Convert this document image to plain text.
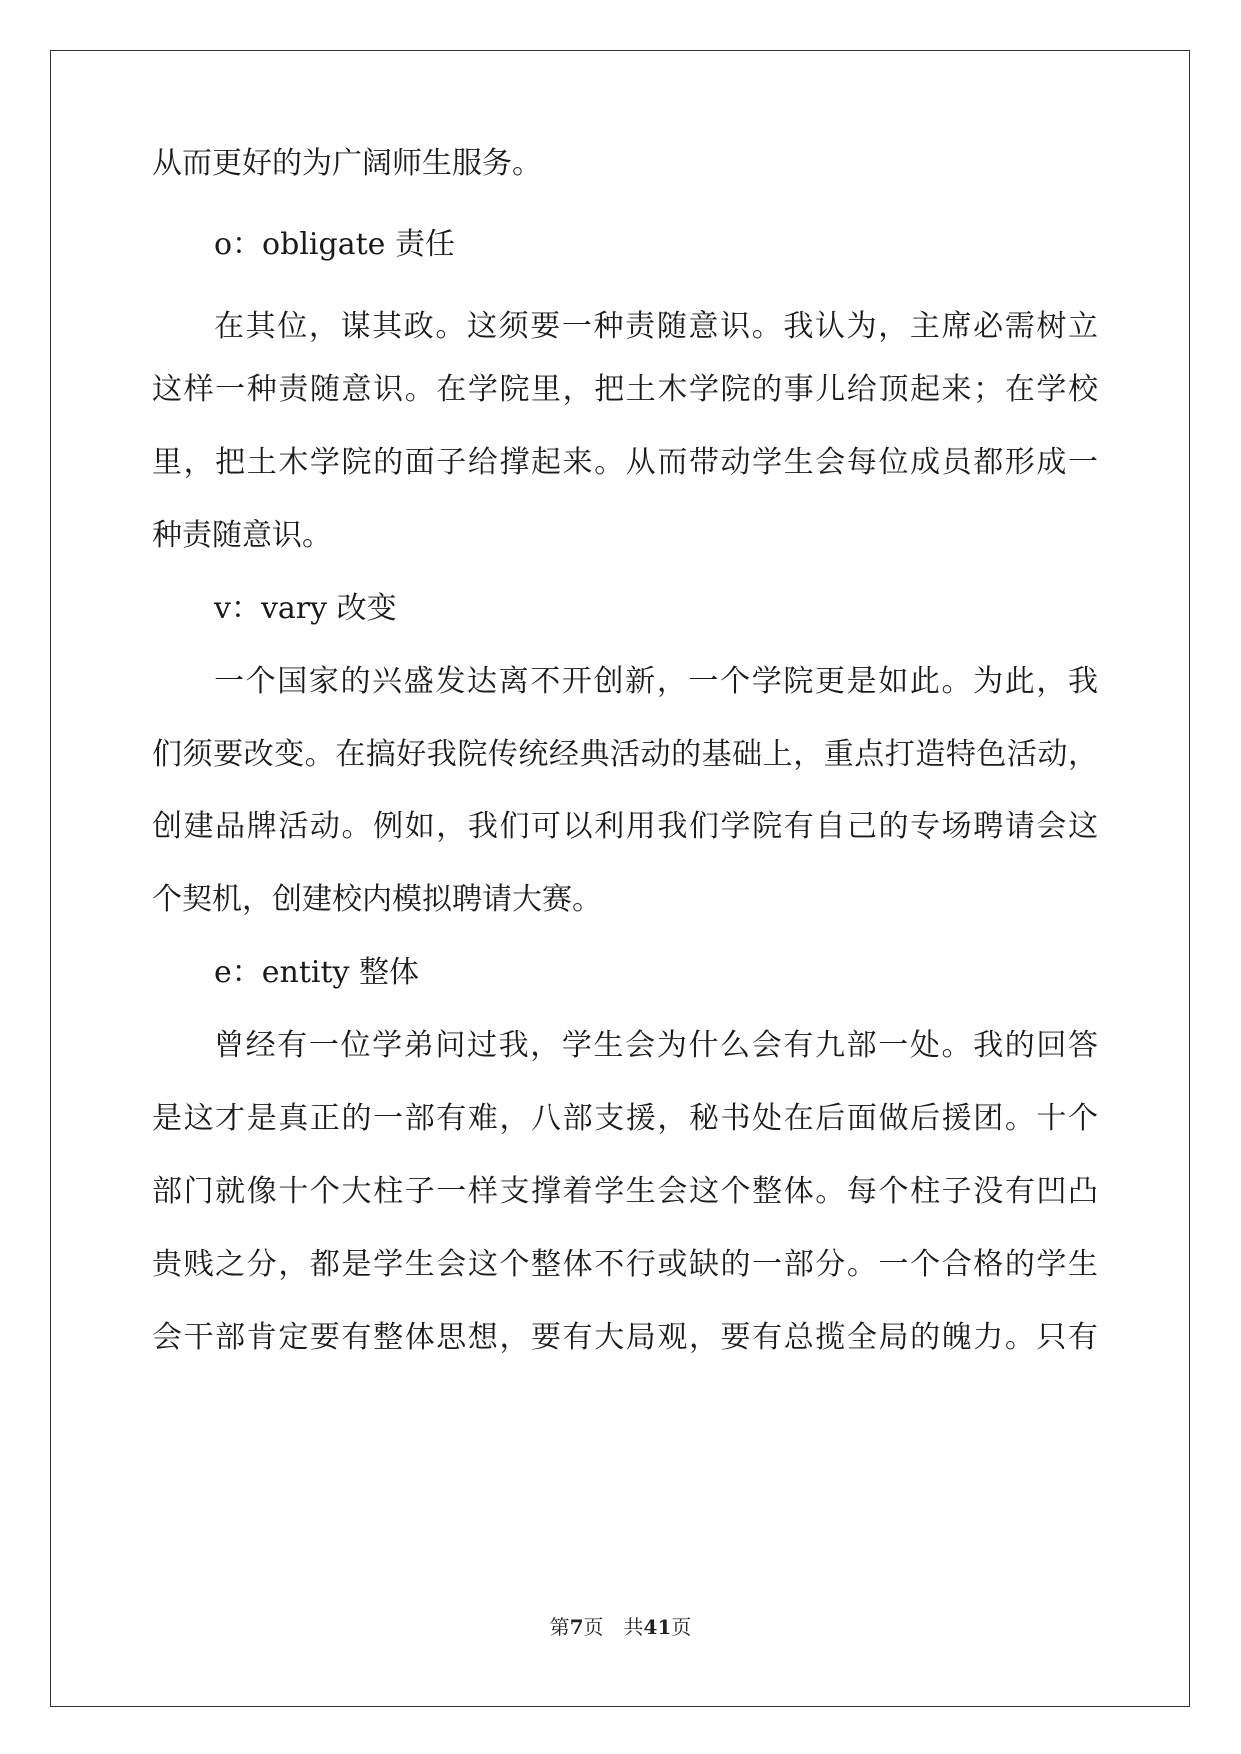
从而更好的为广阔师生服务。
o：obligate 责任
在其位，谋其政。这须要一种责随意识。我认为，主席必需树立
这样一种责随意识。在学院里，把土木学院的事儿给顶起来；在学校
里，把土木学院的面子给撑起来。从而带动学生会每位成员都形成一
种责随意识。
v：vary 改变
一个国家的兴盛发达离不开创新，一个学院更是如此。为此，我
们须要改变。在搞好我院传统经典活动的基础上，重点打造特色活动，
创建品牌活动。例如，我们可以利用我们学院有自己的专场聘请会这
个契机，创建校内模拟聘请大赛。
e：entity 整体
曾经有一位学弟问过我，学生会为什么会有九部一处。我的回答
是这才是真正的一部有难，八部支援，秘书处在后面做后援团。十个
部门就像十个大柱子一样支撑着学生会这个整体。每个柱子没有凹凸
贵贱之分，都是学生会这个整体不行或缺的一部分。一个合格的学生
会干部肯定要有整体思想，要有大局观，要有总揽全局的魄力。只有
第7页 共41页
